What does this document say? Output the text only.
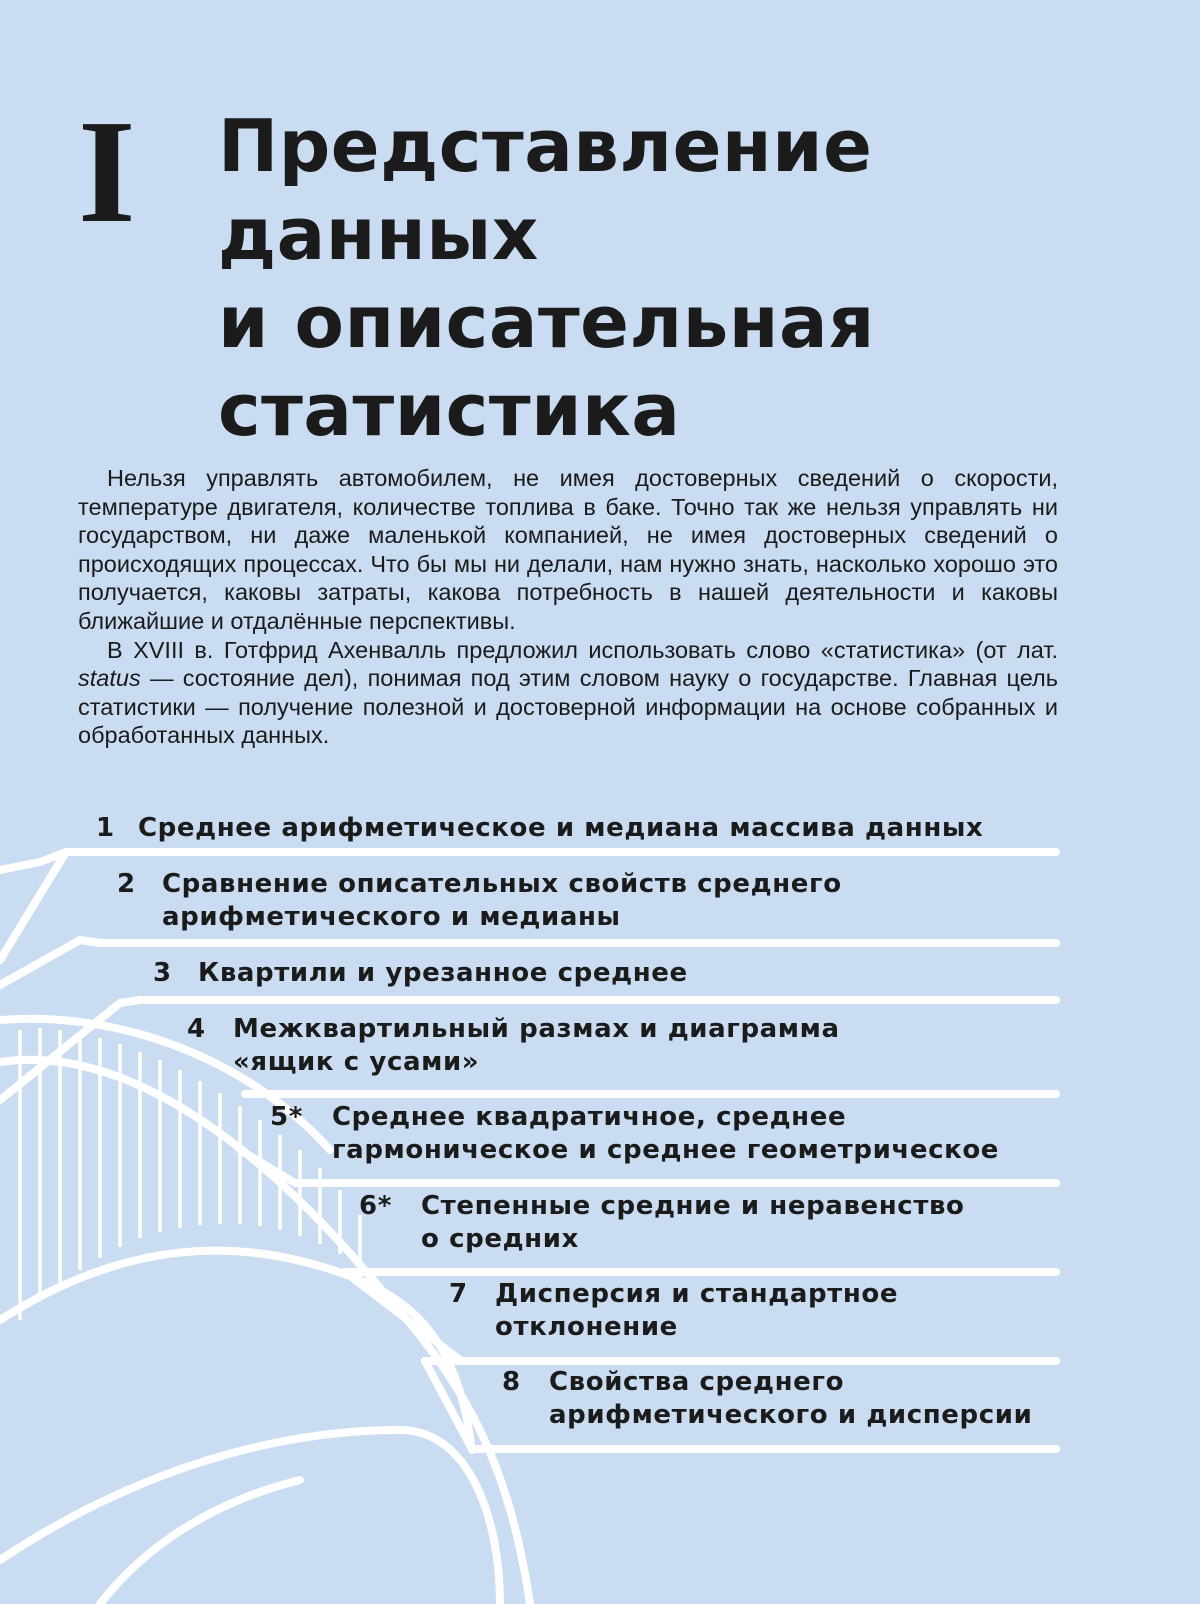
I Представление
данных
и описательная
статистика

Нельзя управлять автомобилем, не имея достоверных сведений о скорости, температуре двигателя, количестве топлива в баке. Точно так же нельзя управлять ни государством, ни даже маленькой компанией, не имея достоверных сведений о происходящих процессах. Что бы мы ни делали, нам нужно знать, насколько хорошо это получается, каковы затраты, какова потребность в нашей деятельности и каковы ближайшие и отдалённые перспективы.

В XVIII в. Готфрид Ахенвалль предложил использовать слово «статистика» (от лат. status — состояние дел), понимая под этим словом науку о государстве. Главная цель статистики — получение полезной и достоверной информации на основе собранных и обработанных данных.

1 Среднее арифметическое и медиана массива данных
2 Сравнение описательных свойств среднего
арифметического и медианы
3 Квартили и урезанное среднее
4 Межквартильный размах и диаграмма
«ящик с усами»
5* Среднее квадратичное, среднее
гармоническое и среднее геометрическое
6* Степенные средние и неравенство
о средних
7 Дисперсия и стандартное
отклонение
8 Свойства среднего
арифметического и дисперсии
